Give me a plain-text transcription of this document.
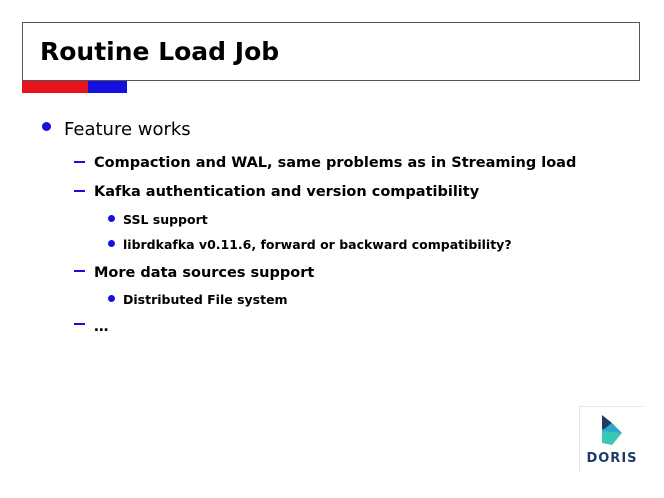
Routine Load Job
Feature works
Compaction and WAL, same problems as in Streaming load
Kafka authentication and version compatibility
SSL support
librdkafka v0.11.6, forward or backward compatibility?
More data sources support
Distributed File system
…
DORIS
